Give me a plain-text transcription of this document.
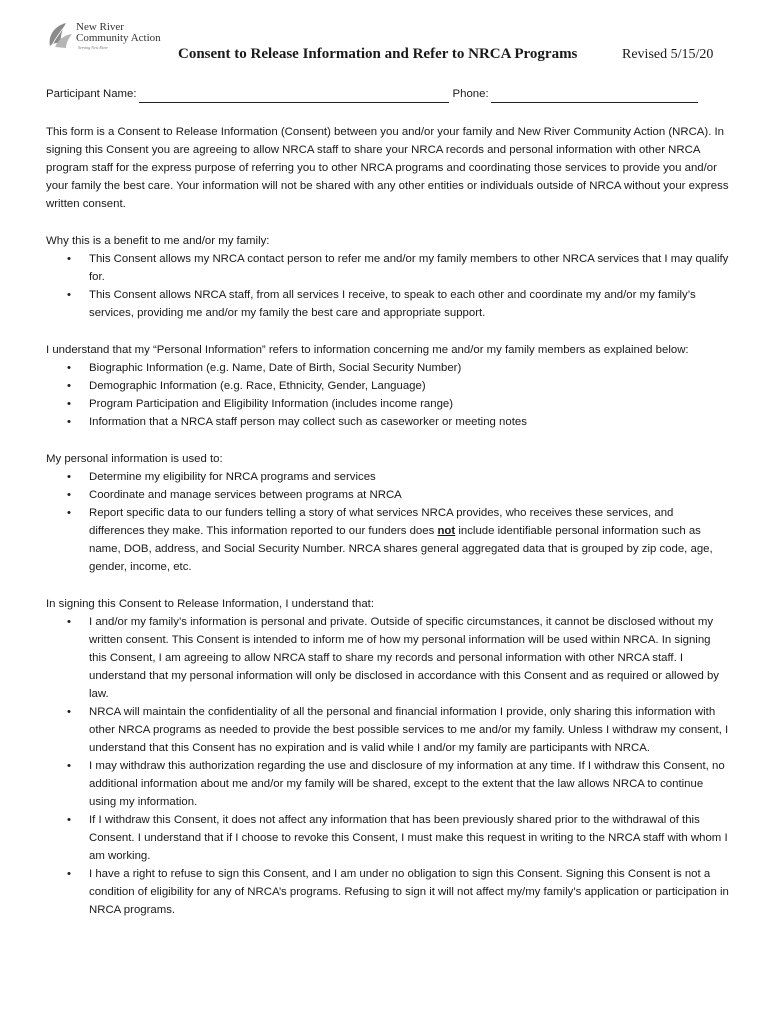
New River
Community Action
Serving New River	Consent to Release Information and Refer to NRCA Programs	Revised 5/15/20
Participant Name:	Phone:

This form is a Consent to Release Information (Consent) between you and/or your family and New River Community Action (NRCA). In signing this Consent you are agreeing to allow NRCA staff to share your NRCA records and personal information with other NRCA program staff for the express purpose of referring you to other NRCA programs and coordinating those services to provide you and/or your family the best care. Your information will not be shared with any other entities or individuals outside of NRCA without your express written consent.

Why this is a benefit to me and/or my family:

• This Consent allows my NRCA contact person to refer me and/or my family members to other NRCA services that I may qualify for.
• This Consent allows NRCA staff, from all services I receive, to speak to each other and coordinate my and/or my family’s services, providing me and/or my family the best care and appropriate support.

I understand that my “Personal Information” refers to information concerning me and/or my family members as explained below:

• Biographic Information (e.g. Name, Date of Birth, Social Security Number)
• Demographic Information (e.g. Race, Ethnicity, Gender, Language)
• Program Participation and Eligibility Information (includes income range)
• Information that a NRCA staff person may collect such as caseworker or meeting notes

My personal information is used to:

• Determine my eligibility for NRCA programs and services
• Coordinate and manage services between programs at NRCA
• Report specific data to our funders telling a story of what services NRCA provides, who receives these services, and differences they make. This information reported to our funders does not include identifiable personal information such as name, DOB, address, and Social Security Number. NRCA shares general aggregated data that is grouped by zip code, age, gender, income, etc.

In signing this Consent to Release Information, I understand that:

• I and/or my family’s information is personal and private. Outside of specific circumstances, it cannot be disclosed without my written consent. This Consent is intended to inform me of how my personal information will be used within NRCA. In signing this Consent, I am agreeing to allow NRCA staff to share my records and personal information with other NRCA staff. I understand that my personal information will only be disclosed in accordance with this Consent and as required or allowed by law.
• NRCA will maintain the confidentiality of all the personal and financial information I provide, only sharing this information with other NRCA programs as needed to provide the best possible services to me and/or my family. Unless I withdraw my consent, I understand that this Consent has no expiration and is valid while I and/or my family are participants with NRCA.
• I may withdraw this authorization regarding the use and disclosure of my information at any time. If I withdraw this Consent, no additional information about me and/or my family will be shared, except to the extent that the law allows NRCA to continue using my information.
• If I withdraw this Consent, it does not affect any information that has been previously shared prior to the withdrawal of this Consent. I understand that if I choose to revoke this Consent, I must make this request in writing to the NRCA staff with whom I am working.
• I have a right to refuse to sign this Consent, and I am under no obligation to sign this Consent. Signing this Consent is not a condition of eligibility for any of NRCA’s programs. Refusing to sign it will not affect my/my family’s application or participation in NRCA programs.
